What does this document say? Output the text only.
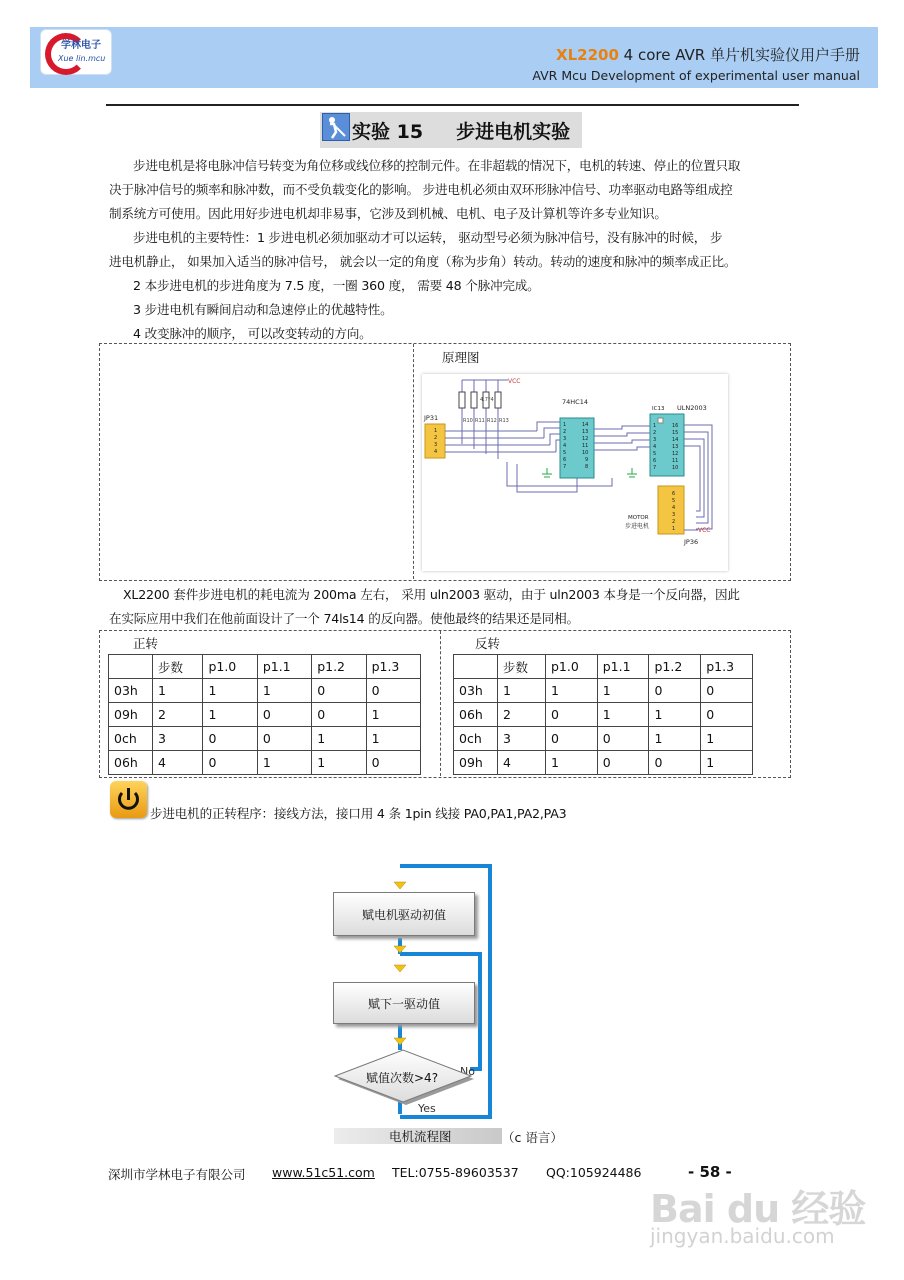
学林电子
Xue lin.mcu	XL2200 4 core AVR 单片机实验仪用户手册
AVR Mcu Development of experimental user manual
实验 15     步进电机实验
步进电机是将电脉冲信号转变为角位移或线位移的控制元件。在非超载的情况下，电机的转速、停止的位置只取
决于脉冲信号的频率和脉冲数，而不受负载变化的影响。 步进电机必须由双环形脉冲信号、功率驱动电路等组成控
制系统方可使用。因此用好步进电机却非易事，它涉及到机械、电机、电子及计算机等许多专业知识。
步进电机的主要特性：1 步进电机必须加驱动才可以运转， 驱动型号必须为脉冲信号，没有脉冲的时候， 步
进电机静止， 如果加入适当的脉冲信号， 就会以一定的角度（称为步角）转动。转动的速度和脉冲的频率成正比。
2 本步进电机的步进角度为 7.5 度，一圈 360 度， 需要 48 个脉冲完成。
3 步进电机有瞬间启动和急速停止的优越特性。
4 改变脉冲的顺序， 可以改变转动的方向。
原理图
VCC
4.7*4
R10 R11 R12 R13
JP31
1
2
3
4
74HC14
1
2
3
4
5
6
7
14
13
12
11
10
9
8
IC13 ULN2003
1
2
3
4
5
6
7
16
15
14
13
12
11
10
6
5
4
3
2
1	VCC
MOTOR
步进电机
JP36
XL2200 套件步进电机的耗电流为 200ma 左右， 采用 uln2003 驱动，由于 uln2003 本身是一个反向器，因此
在实际应用中我们在他前面设计了一个 74ls14 的反向器。使他最终的结果还是同相。
正转	反转
	步数	p1.0	p1.1	p1.2	p1.3
03h	1	1	1	0	0
09h	2	1	0	0	1
0ch	3	0	0	1	1
06h	4	0	1	1	0
	步数	p1.0	p1.1	p1.2	p1.3
03h	1	1	1	0	0
06h	2	0	1	1	0
0ch	3	0	0	1	1
09h	4	1	0	0	1
步进电机的正转程序：接线方法，接口用 4 条 1pin 线接 PA0,PA1,PA2,PA3
No
Yes
赋电机驱动初值
赋下一驱动值
赋值次数>4?
电机流程图	（c 语言）
深圳市学林电子有限公司 www.51c51.com TEL:0755-89603537 QQ:105924486	- 58 -
Bai du 经验
jingyan.baidu.com
